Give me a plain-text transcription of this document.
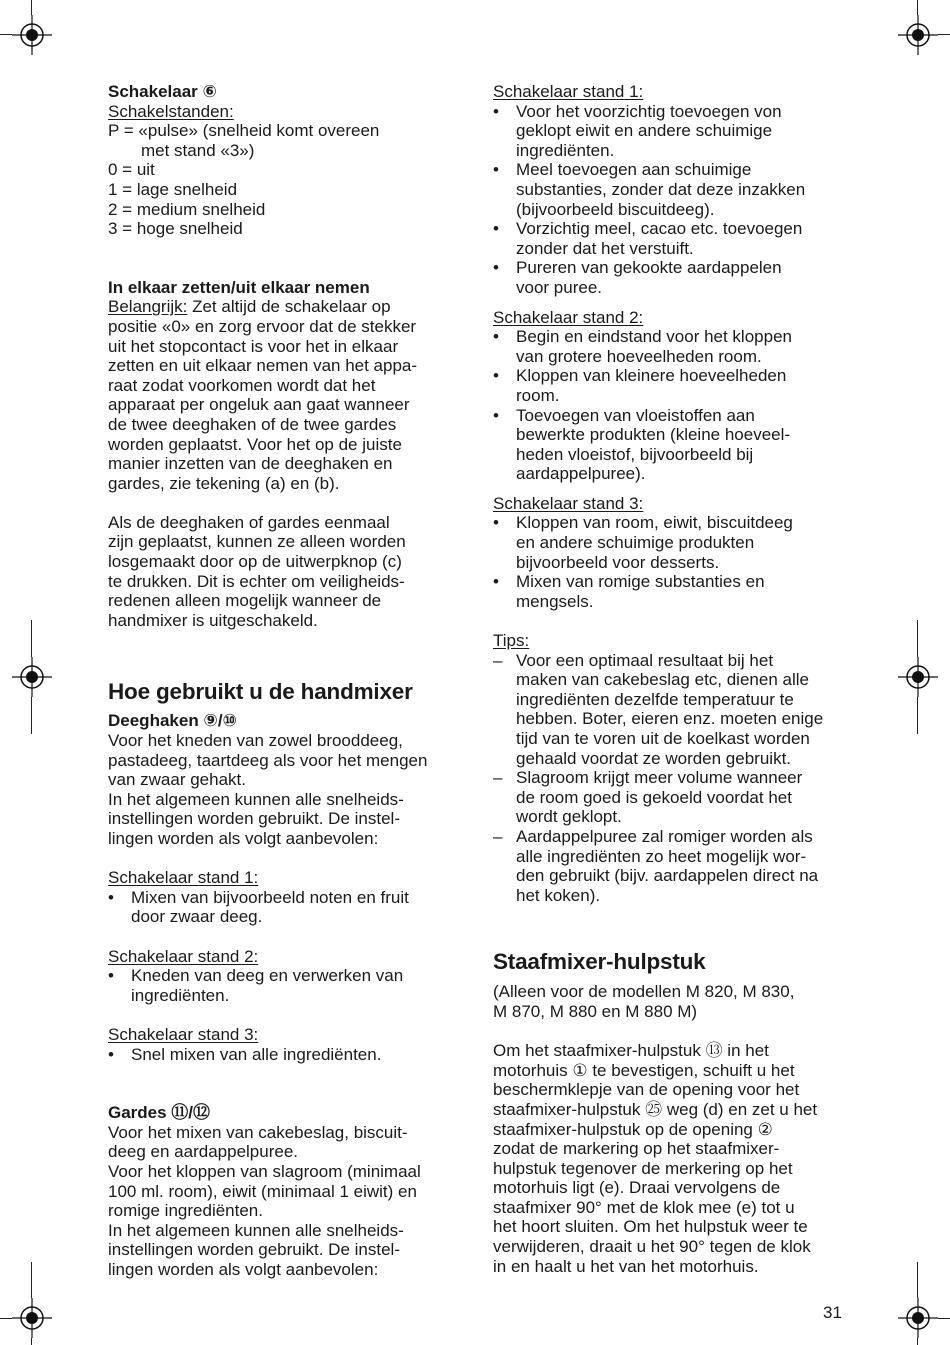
Schakelaar ⑥

Schakelstanden:

P = «pulse» (snelheid komt overeen

met stand «3»)

0 = uit

1 = lage snelheid

2 = medium snelheid

3 = hoge snelheid

In elkaar zetten/uit elkaar nemen

Belangrijk: Zet altijd de schakelaar op

positie «0» en zorg ervoor dat de stekker

uit het stopcontact is voor het in elkaar

zetten en uit elkaar nemen van het appa-

raat zodat voorkomen wordt dat het

apparaat per ongeluk aan gaat wanneer

de twee deeghaken of de twee gardes

worden geplaatst. Voor het op de juiste

manier inzetten van de deeghaken en

gardes, zie tekening (a) en (b).

Als de deeghaken of gardes eenmaal

zijn geplaatst, kunnen ze alleen worden

losgemaakt door op de uitwerpknop (c)

te drukken. Dit is echter om veiligheids-

redenen alleen mogelijk wanneer de

handmixer is uitgeschakeld.

Hoe gebruikt u de handmixer

Deeghaken ⑨/⑩

Voor het kneden van zowel brooddeeg,

pastadeeg, taartdeeg als voor het mengen

van zwaar gehakt.

In het algemeen kunnen alle snelheids-

instellingen worden gebruikt. De instel-

lingen worden als volgt aanbevolen:

Schakelaar stand 1:

•	Mixen van bijvoorbeeld noten en fruit

door zwaar deeg.

Schakelaar stand 2:

•	Kneden van deeg en verwerken van

ingrediënten.

Schakelaar stand 3:

•	Snel mixen van alle ingrediënten.

Gardes ⑪/⑫

Voor het mixen van cakebeslag, biscuit-

deeg en aardappelpuree.

Voor het kloppen van slagroom (minimaal

100 ml. room), eiwit (minimaal 1 eiwit) en

romige ingrediënten.

In het algemeen kunnen alle snelheids-

instellingen worden gebruikt. De instel-

lingen worden als volgt aanbevolen:

Schakelaar stand 1:

•	Voor het voorzichtig toevoegen von

geklopt eiwit en andere schuimige

ingrediënten.

•	Meel toevoegen aan schuimige

substanties, zonder dat deze inzakken

(bijvoorbeeld biscuitdeeg).

•	Vorzichtig meel, cacao etc. toevoegen

zonder dat het verstuift.

•	Pureren van gekookte aardappelen

voor puree.

Schakelaar stand 2:

•	Begin en eindstand voor het kloppen

van grotere hoeveelheden room.

•	Kloppen van kleinere hoeveelheden

room.

•	Toevoegen van vloeistoffen aan

bewerkte produkten (kleine hoeveel-

heden vloeistof, bijvoorbeeld bij

aardappelpuree).

Schakelaar stand 3:

•	Kloppen van room, eiwit, biscuitdeeg

en andere schuimige produkten

bijvoorbeeld voor desserts.

•	Mixen van romige substanties en

mengsels.

Tips:

– Voor een optimaal resultaat bij het

maken van cakebeslag etc, dienen alle

ingrediënten dezelfde temperatuur te

hebben. Boter, eieren enz. moeten enige

tijd van te voren uit de koelkast worden

gehaald voordat ze worden gebruikt.

– Slagroom krijgt meer volume wanneer

de room goed is gekoeld voordat het

wordt geklopt.

– Aardappelpuree zal romiger worden als

alle ingrediënten zo heet mogelijk wor-

den gebruikt (bijv. aardappelen direct na

het koken).

Staafmixer-hulpstuk

(Alleen voor de modellen M 820, M 830,

M 870, M 880 en M 880 M)

Om het staafmixer-hulpstuk ⑬ in het

motorhuis ① te bevestigen, schuift u het

beschermklepje van de opening voor het

staafmixer-hulpstuk ㉕ weg (d) en zet u het

staafmixer-hulpstuk op de opening ②

zodat de markering op het staafmixer-

hulpstuk tegenover de merkering op het

motorhuis ligt (e). Draai vervolgens de

staafmixer 90° met de klok mee (e) tot u

het hoort sluiten. Om het hulpstuk weer te

verwijderen, draait u het 90° tegen de klok

in en haalt u het van het motorhuis.

31
